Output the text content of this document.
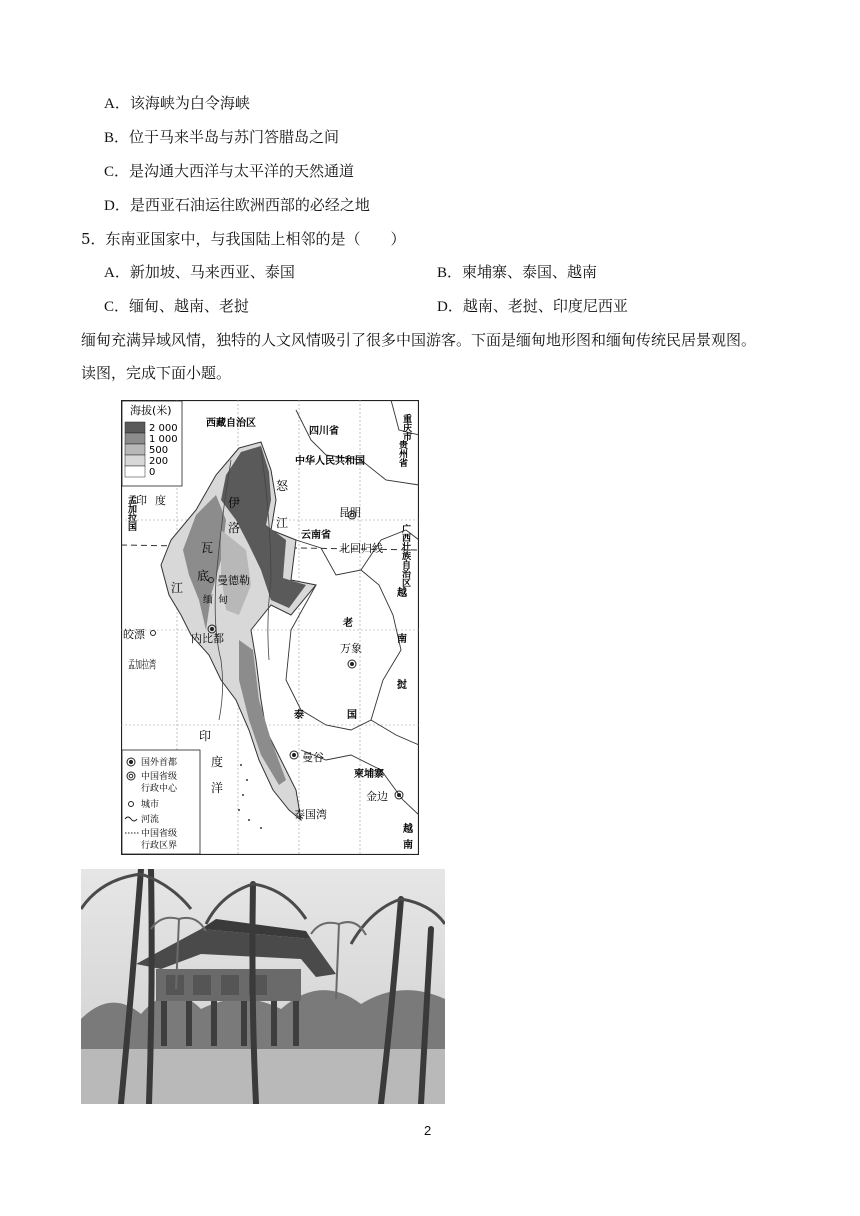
A．该海峡为白令海峡
B．位于马来半岛与苏门答腊岛之间
C．是沟通大西洋与太平洋的天然通道
D．是西亚石油运往欧洲西部的必经之地
5．东南亚国家中，与我国陆上相邻的是（　　）
A．新加坡、马来西亚、泰国	B．柬埔寨、泰国、越南
C．缅甸、越南、老挝	D．越南、老挝、印度尼西亚
缅甸充满异域风情，独特的人文风情吸引了很多中国游客。下面是缅甸地形图和缅甸传统民居景观图。
读图，完成下面小题。
海拔(米)
2 000
1 000
500
200
0
国外首都
中国省级
行政中心
城市
河流
中国省级
行政区界
西藏自治区
四川省	重庆市
中华人民共和国	贵州省
孟加拉国 印度	伊
怒
洛	江
瓦
昆明
云南省
北回归线 广西壮族自治区
底
江
曼德勒
缅 甸
越
老
内比都
皎漂
孟加拉湾
万象
南
挝
泰	国
印
度
洋
曼谷
柬埔寨
金边
泰国湾
越
南
2
